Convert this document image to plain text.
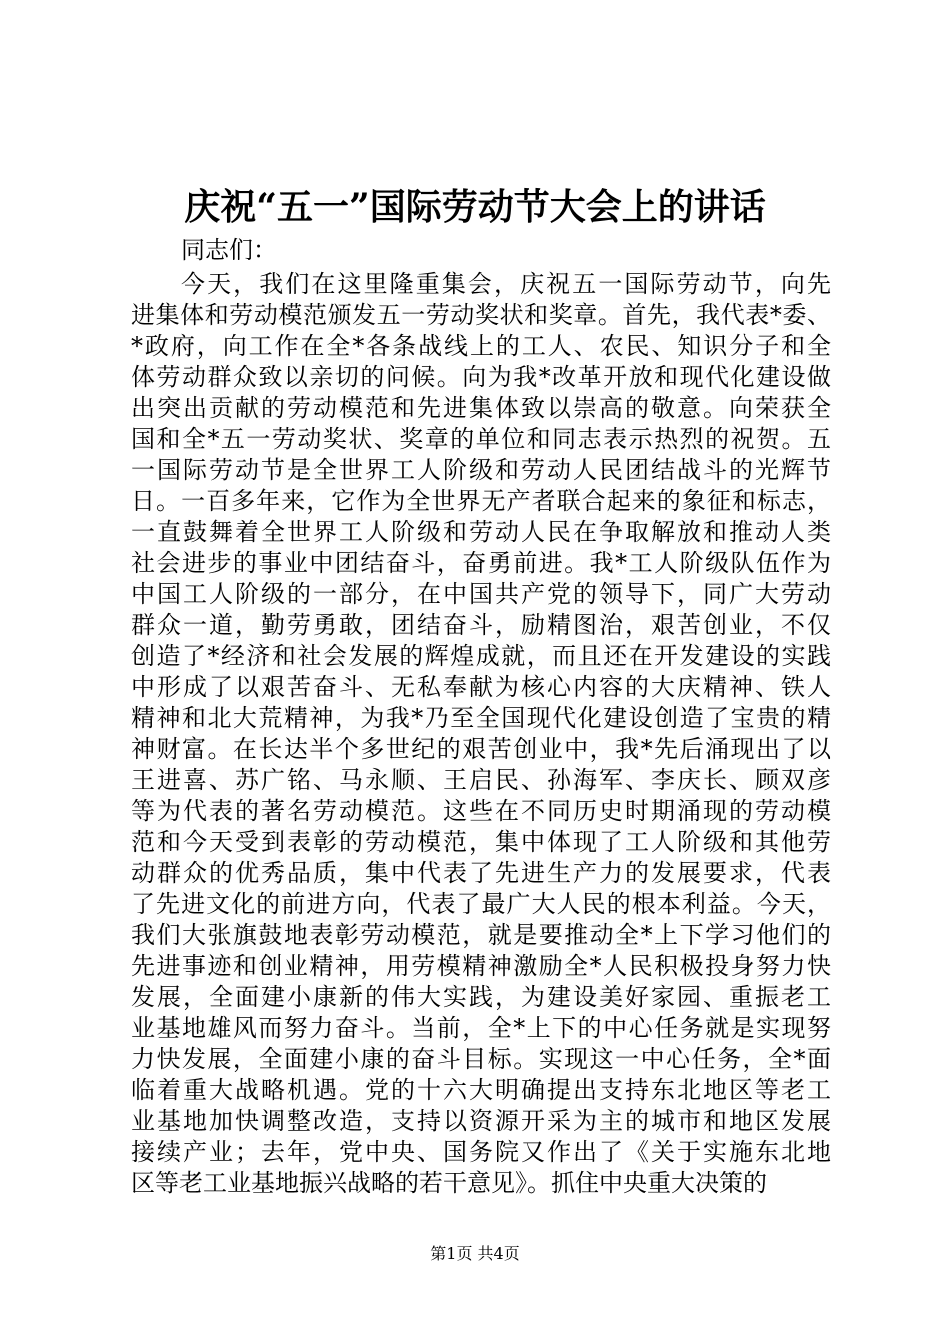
庆祝“五一”国际劳动节大会上的讲话

同志们：

今天，我们在这里隆重集会，庆祝五一国际劳动节，向先
进集体和劳动模范颁发五一劳动奖状和奖章。首先，我代表*委、
*政府，向工作在全*各条战线上的工人、农民、知识分子和全
体劳动群众致以亲切的问候。向为我*改革开放和现代化建设做
出突出贡献的劳动模范和先进集体致以崇高的敬意。向荣获全
国和全*五一劳动奖状、奖章的单位和同志表示热烈的祝贺。五
一国际劳动节是全世界工人阶级和劳动人民团结战斗的光辉节
日。一百多年来，它作为全世界无产者联合起来的象征和标志，
一直鼓舞着全世界工人阶级和劳动人民在争取解放和推动人类
社会进步的事业中团结奋斗，奋勇前进。我*工人阶级队伍作为
中国工人阶级的一部分，在中国共产党的领导下，同广大劳动
群众一道，勤劳勇敢，团结奋斗，励精图治，艰苦创业，不仅
创造了*经济和社会发展的辉煌成就，而且还在开发建设的实践
中形成了以艰苦奋斗、无私奉献为核心内容的大庆精神、铁人
精神和北大荒精神，为我*乃至全国现代化建设创造了宝贵的精
神财富。在长达半个多世纪的艰苦创业中，我*先后涌现出了以
王进喜、苏广铭、马永顺、王启民、孙海军、李庆长、顾双彦
等为代表的著名劳动模范。这些在不同历史时期涌现的劳动模
范和今天受到表彰的劳动模范，集中体现了工人阶级和其他劳
动群众的优秀品质，集中代表了先进生产力的发展要求，代表
了先进文化的前进方向，代表了最广大人民的根本利益。今天，
我们大张旗鼓地表彰劳动模范，就是要推动全*上下学习他们的
先进事迹和创业精神，用劳模精神激励全*人民积极投身努力快
发展，全面建小康新的伟大实践，为建设美好家园、重振老工
业基地雄风而努力奋斗。当前，全*上下的中心任务就是实现努
力快发展，全面建小康的奋斗目标。实现这一中心任务，全*面
临着重大战略机遇。党的十六大明确提出支持东北地区等老工
业基地加快调整改造，支持以资源开采为主的城市和地区发展
接续产业；去年，党中央、国务院又作出了《关于实施东北地
区等老工业基地振兴战略的若干意见》。抓住中央重大决策的

第1页 共4页
